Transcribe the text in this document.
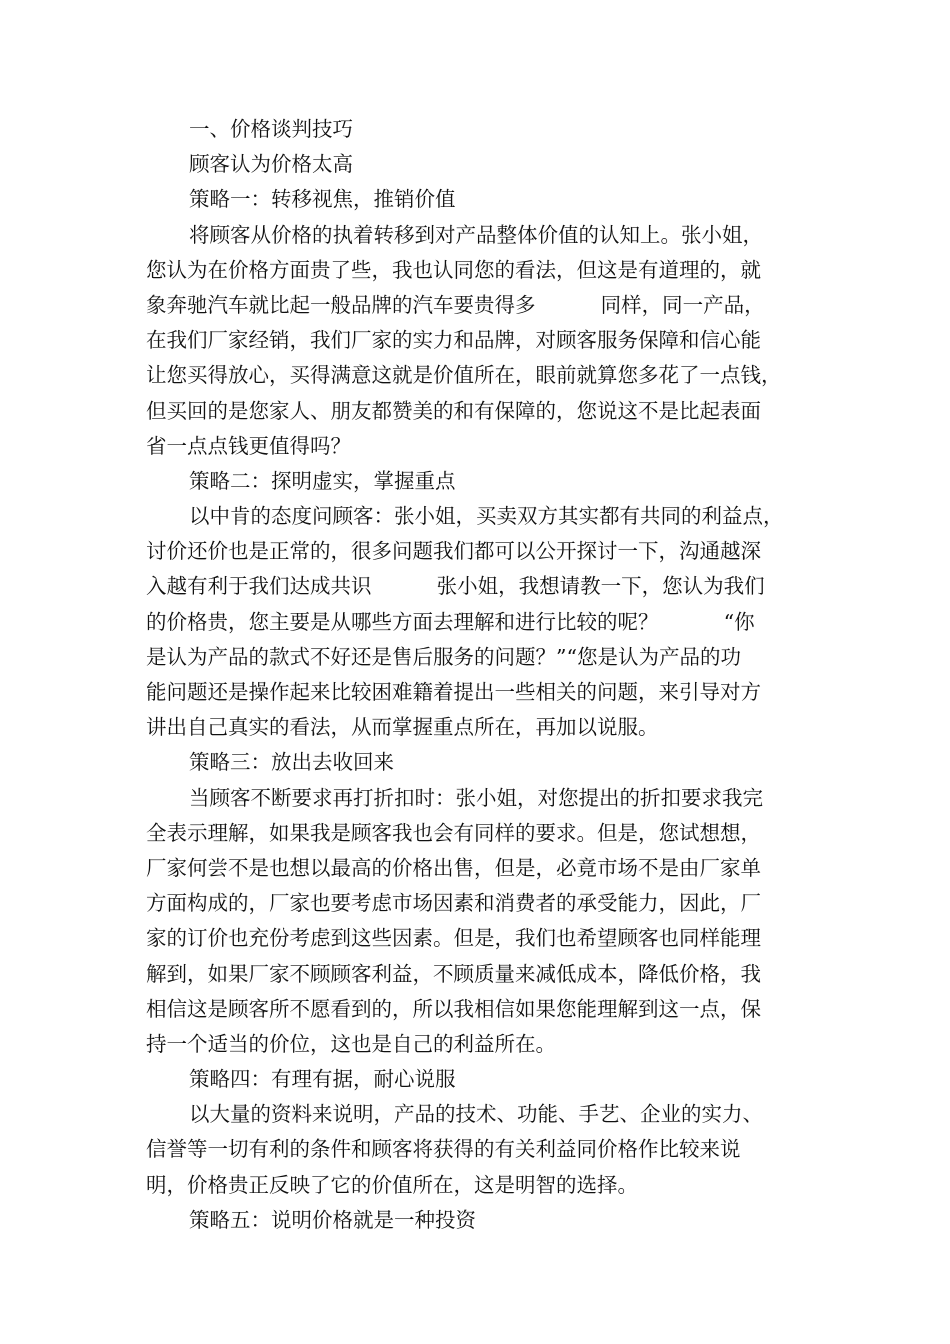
一、价格谈判技巧
顾客认为价格太高
策略一：转移视焦，推销价值
将顾客从价格的执着转移到对产品整体价值的认知上。张小姐，
您认为在价格方面贵了些，我也认同您的看法，但这是有道理的，就
象奔驰汽车就比起一般品牌的汽车要贵得多          同样，同一产品，
在我们厂家经销，我们厂家的实力和品牌，对顾客服务保障和信心能
让您买得放心，买得满意这就是价值所在，眼前就算您多花了一点钱，
但买回的是您家人、朋友都赞美的和有保障的，您说这不是比起表面
省一点点钱更值得吗？
策略二：探明虚实，掌握重点
以中肯的态度问顾客：张小姐，买卖双方其实都有共同的利益点，
讨价还价也是正常的，很多问题我们都可以公开探讨一下，沟通越深
入越有利于我们达成共识          张小姐，我想请教一下，您认为我们
的价格贵，您主要是从哪些方面去理解和进行比较的呢？          “你
是认为产品的款式不好还是售后服务的问题？”“您是认为产品的功
能问题还是操作起来比较困难籍着提出一些相关的问题，来引导对方
讲出自己真实的看法，从而掌握重点所在，再加以说服。
策略三：放出去收回来
当顾客不断要求再打折扣时：张小姐，对您提出的折扣要求我完
全表示理解，如果我是顾客我也会有同样的要求。但是，您试想想，
厂家何尝不是也想以最高的价格出售，但是，必竟市场不是由厂家单
方面构成的，厂家也要考虑市场因素和消费者的承受能力，因此，厂
家的订价也充份考虑到这些因素。但是，我们也希望顾客也同样能理
解到，如果厂家不顾顾客利益，不顾质量来减低成本，降低价格，我
相信这是顾客所不愿看到的，所以我相信如果您能理解到这一点，保
持一个适当的价位，这也是自己的利益所在。
策略四：有理有据，耐心说服
以大量的资料来说明，产品的技术、功能、手艺、企业的实力、
信誉等一切有利的条件和顾客将获得的有关利益同价格作比较来说
明，价格贵正反映了它的价值所在，这是明智的选择。
策略五：说明价格就是一种投资
